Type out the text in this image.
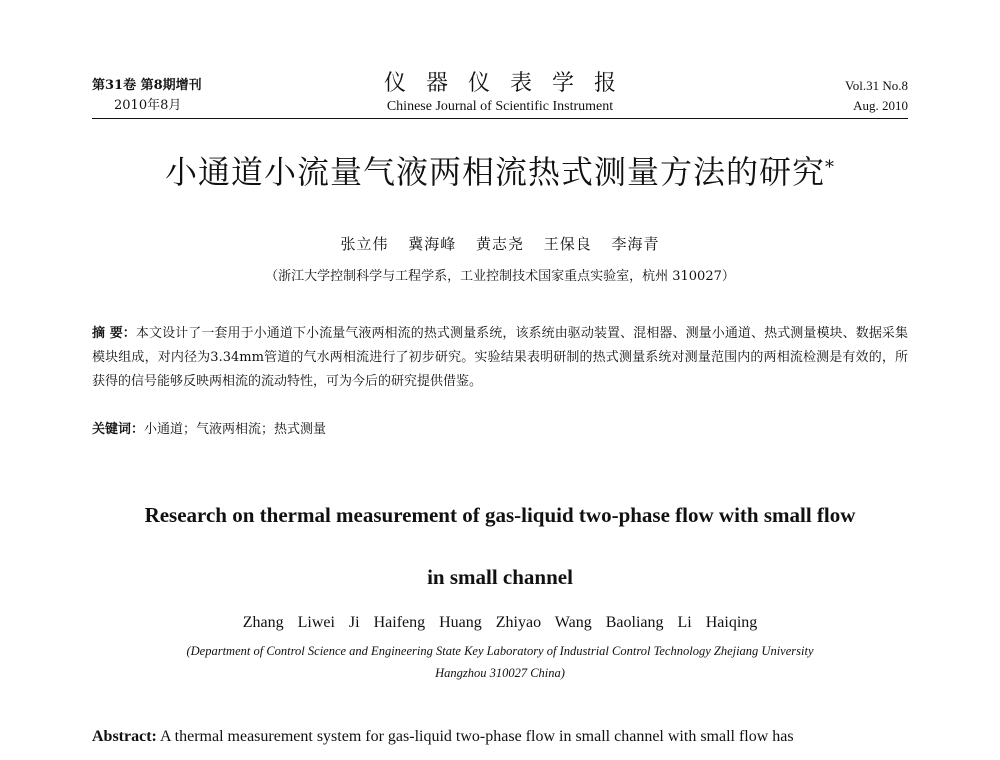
第31卷 第8期增刊
2010年8月
仪器仪表学报
Chinese Journal of Scientific Instrument
Vol.31 No.8
Aug. 2010
小通道小流量气液两相流热式测量方法的研究*
张立伟 冀海峰 黄志尧 王保良 李海青
（浙江大学控制科学与工程学系，工业控制技术国家重点实验室，杭州 310027）
摘 要：本文设计了一套用于小通道下小流量气液两相流的热式测量系统，该系统由驱动装置、混相器、测量小通道、热式测量模块、数据采集模块组成，对内径为3.34mm管道的气水两相流进行了初步研究。实验结果表明研制的热式测量系统对测量范围内的两相流检测是有效的，所获得的信号能够反映两相流的流动特性，可为今后的研究提供借鉴。
关键词：小通道；气液两相流；热式测量
Research on thermal measurement of gas-liquid two-phase flow with small flow
in small channel
Zhang Liwei Ji Haifeng Huang Zhiyao Wang Baoliang Li Haiqing
(Department of Control Science and Engineering State Key Laboratory of Industrial Control Technology Zhejiang University
Hangzhou 310027 China)
Abstract: A thermal measurement system for gas-liquid two-phase flow in small channel with small flow has
